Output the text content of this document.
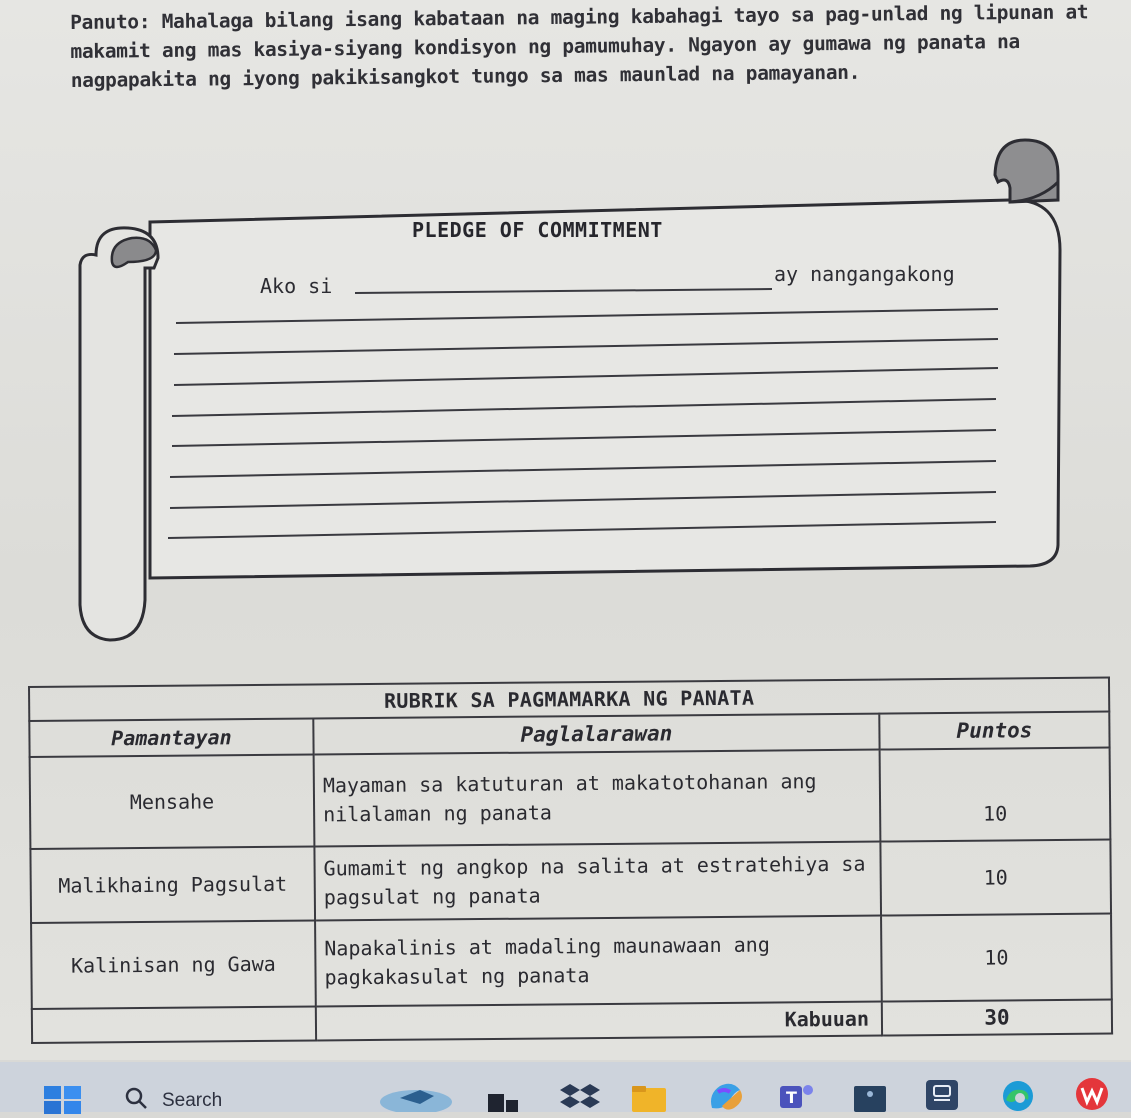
Panuto: Mahalaga bilang isang kabataan na maging kabahagi tayo sa pag-unlad ng lipunan at makamit ang mas kasiya-siyang kondisyon ng pamumuhay. Ngayon ay gumawa ng panata na nagpapakita ng iyong pakikisangkot tungo sa mas maunlad na pamayanan.
PLEDGE OF COMMITMENT
Ako si	ay nangangakong
RUBRIK SA PAGMAMARKA NG PANATA		
Pamantayan	Paglalarawan	Puntos
Mensahe	Mayaman sa katuturan at makatotohanan ang nilalaman ng panata	10
Malikhaing Pagsulat	Gumamit ng angkop na salita at estratehiya sa pagsulat ng panata	10
Kalinisan ng Gawa	Napakalinis at madaling maunawaan ang pagkakasulat ng panata	10
	Kabuuan	30
T
Search
